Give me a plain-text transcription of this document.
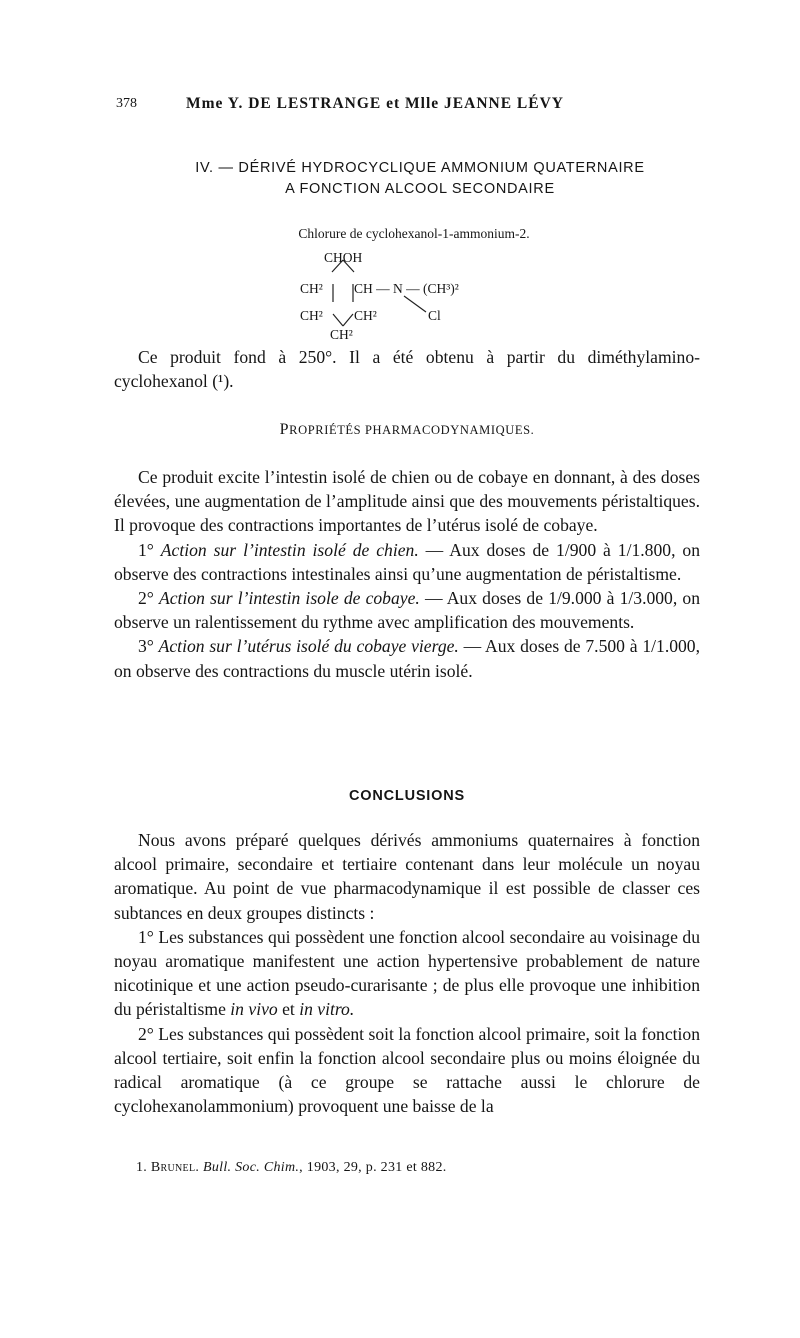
378	Mme Y. DE LESTRANGE et Mlle JEANNE LÉVY
IV. — DÉRIVÉ HYDROCYCLIQUE AMMONIUM QUATERNAIRE
A FONCTION ALCOOL SECONDAIRE
Chlorure de cyclohexanol-1-ammonium-2.
CHOH
CH² CH — N — (CH³)²
CH² CH²	Cl
CH²

Ce produit fond à 250°. Il a été obtenu à partir du diméthylamino-

cyclohexanol (¹).

PROPRIÉTÉS PHARMACODYNAMIQUES.

Ce produit excite l’intestin isolé de chien ou de cobaye en donnant, à des doses élevées, une augmentation de l’amplitude ainsi que des mouvements péristaltiques. Il provoque des contractions importantes de l’utérus isolé de cobaye.

1° Action sur l’intestin isolé de chien. — Aux doses de 1/900 à 1/1.800, on observe des contractions intestinales ainsi qu’une augmentation de péristaltisme.

2° Action sur l’intestin isole de cobaye. — Aux doses de 1/9.000 à 1/3.000, on observe un ralentissement du rythme avec amplification des mouvements.

3° Action sur l’utérus isolé du cobaye vierge. — Aux doses de 7.500 à 1/1.000, on observe des contractions du muscle utérin isolé.

CONCLUSIONS

Nous avons préparé quelques dérivés ammoniums quaternaires à fonction alcool primaire, secondaire et tertiaire contenant dans leur molécule un noyau aromatique. Au point de vue pharmacodynamique il est possible de classer ces subtances en deux groupes distincts :

1° Les substances qui possèdent une fonction alcool secondaire au voisinage du noyau aromatique manifestent une action hypertensive probablement de nature nicotinique et une action pseudo-curarisante ; de plus elle provoque une inhibition du péristaltisme in vivo et in vitro.

2° Les substances qui possèdent soit la fonction alcool primaire, soit la fonction alcool tertiaire, soit enfin la fonction alcool secondaire plus ou moins éloignée du radical aromatique (à ce groupe se rattache aussi le chlorure de cyclohexanolammonium) provoquent une baisse de la

1. Brunel. Bull. Soc. Chim., 1903, 29, p. 231 et 882.
